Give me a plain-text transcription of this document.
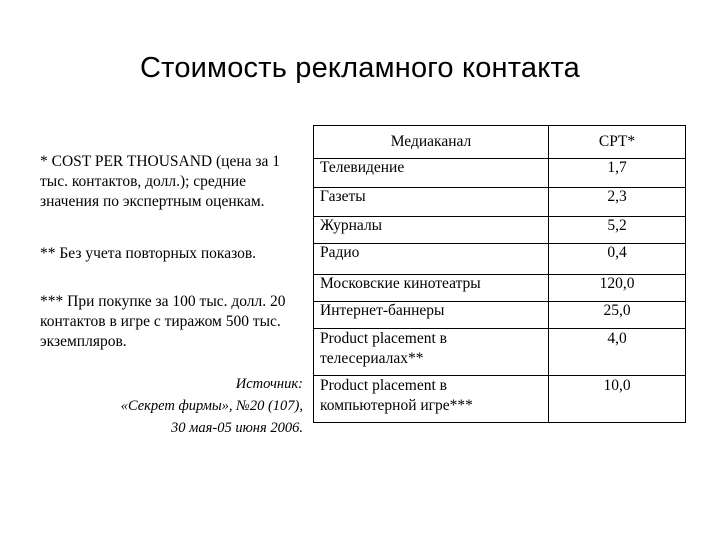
Стоимость рекламного контакта

* COST PER THOUSAND (цена за 1 тыс. контактов, долл.); средние значения по экспертным оценкам.

** Без учета повторных показов.

*** При покупке за 100 тыс. долл. 20 контактов в игре с тиражом 500 тыс. экземпляров.

Источник:
«Секрет фирмы», №20 (107),
30 мая-05 июня 2006.
Медиаканал	CPT*
Телевидение	1,7
Газеты	2,3
Журналы	5,2
Радио	0,4
Московские кинотеатры	120,0
Интернет-баннеры	25,0
Product placement в телесериалах**	4,0
Product placement в компьютерной игре***	10,0
